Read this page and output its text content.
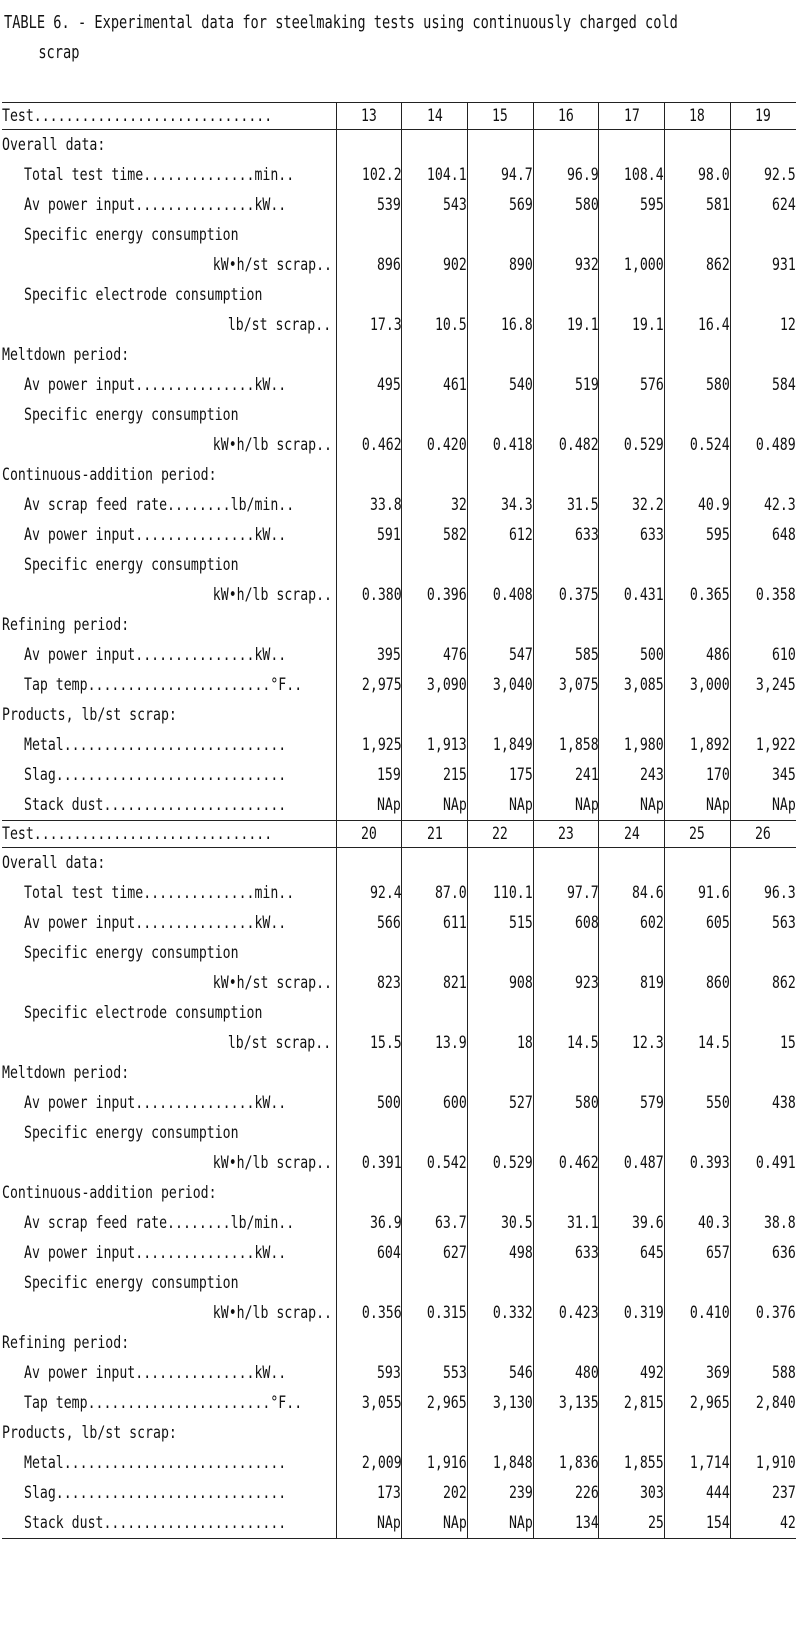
TABLE 6. - Experimental data for steelmaking tests using continuously charged cold
scrap
Test..............................	13	14	15	16	17	18	19
Overall data:							
Total test time..............min..	102.2	104.1	94.7	96.9	108.4	98.0	92.5
Av power input...............kW..	539	543	569	580	595	581	624
Specific energy consumption							
kW•h/st scrap..	896	902	890	932	1,000	862	931
Specific electrode consumption							
lb/st scrap..	17.3	10.5	16.8	19.1	19.1	16.4	12
Meltdown period:							
Av power input...............kW..	495	461	540	519	576	580	584
Specific energy consumption							
kW•h/lb scrap..	0.462	0.420	0.418	0.482	0.529	0.524	0.489
Continuous-addition period:							
Av scrap feed rate........lb/min..	33.8	32	34.3	31.5	32.2	40.9	42.3
Av power input...............kW..	591	582	612	633	633	595	648
Specific energy consumption							
kW•h/lb scrap..	0.380	0.396	0.408	0.375	0.431	0.365	0.358
Refining period:							
Av power input...............kW..	395	476	547	585	500	486	610
Tap temp.......................°F..	2,975	3,090	3,040	3,075	3,085	3,000	3,245
Products, lb/st scrap:							
Metal............................	1,925	1,913	1,849	1,858	1,980	1,892	1,922
Slag.............................	159	215	175	241	243	170	345
Stack dust.......................	NAp	NAp	NAp	NAp	NAp	NAp	NAp
Test..............................	20	21	22	23	24	25	26
Overall data:							
Total test time..............min..	92.4	87.0	110.1	97.7	84.6	91.6	96.3
Av power input...............kW..	566	611	515	608	602	605	563
Specific energy consumption							
kW•h/st scrap..	823	821	908	923	819	860	862
Specific electrode consumption							
lb/st scrap..	15.5	13.9	18	14.5	12.3	14.5	15
Meltdown period:							
Av power input...............kW..	500	600	527	580	579	550	438
Specific energy consumption							
kW•h/lb scrap..	0.391	0.542	0.529	0.462	0.487	0.393	0.491
Continuous-addition period:							
Av scrap feed rate........lb/min..	36.9	63.7	30.5	31.1	39.6	40.3	38.8
Av power input...............kW..	604	627	498	633	645	657	636
Specific energy consumption							
kW•h/lb scrap..	0.356	0.315	0.332	0.423	0.319	0.410	0.376
Refining period:							
Av power input...............kW..	593	553	546	480	492	369	588
Tap temp.......................°F..	3,055	2,965	3,130	3,135	2,815	2,965	2,840
Products, lb/st scrap:							
Metal............................	2,009	1,916	1,848	1,836	1,855	1,714	1,910
Slag.............................	173	202	239	226	303	444	237
Stack dust.......................	NAp	NAp	NAp	134	25	154	42
